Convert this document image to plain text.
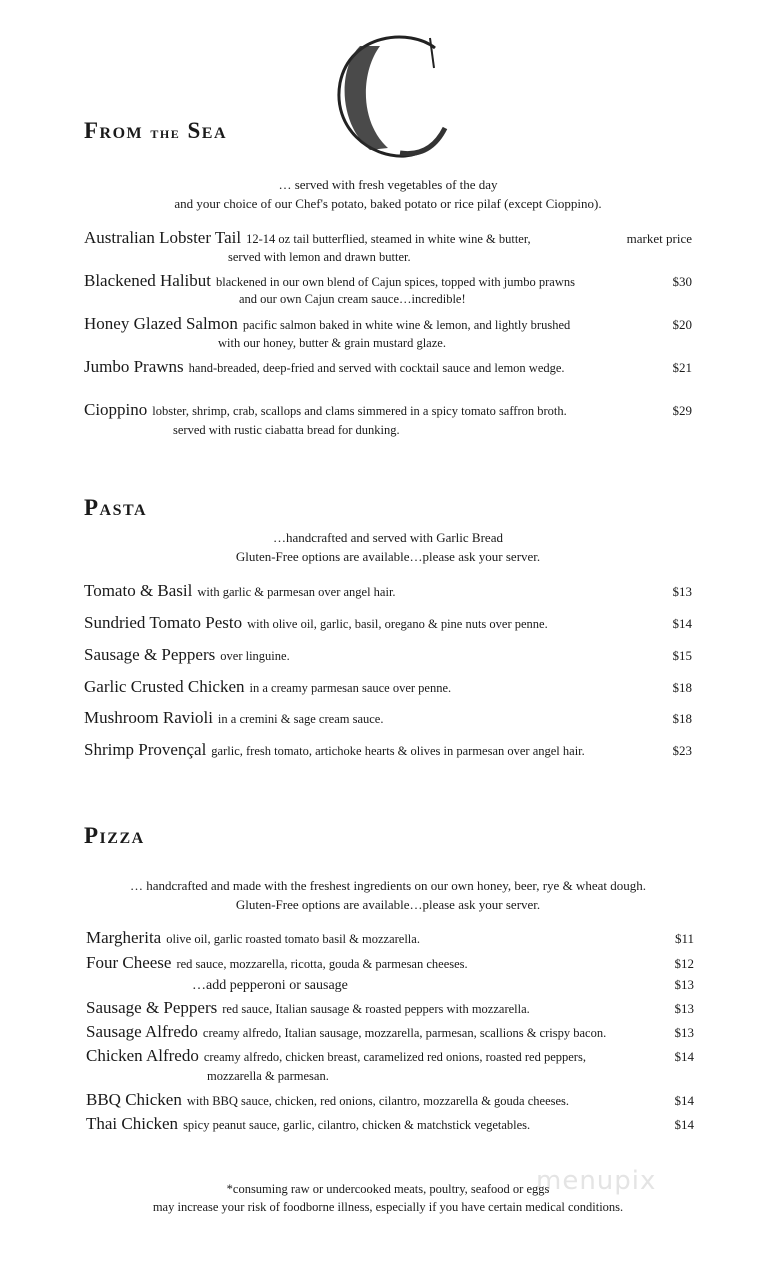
From the Sea
… served with fresh vegetables of the day
and your choice of our Chef's potato, baked potato or rice pilaf (except Cioppino).
Pasta
…handcrafted and served with Garlic Bread
Gluten-Free options are available…please ask your server.
Pizza
… handcrafted and made with the freshest ingredients on our own honey, beer, rye & wheat dough.
Gluten-Free options are available…please ask your server.
Australian Lobster Tail 12-14 oz tail butterflied, steamed in white wine & butter,	market price
served with lemon and drawn butter.
Blackened Halibut blackened in our own blend of Cajun spices, topped with jumbo prawns	$30
and our own Cajun cream sauce…incredible!
Honey Glazed Salmon pacific salmon baked in white wine & lemon, and lightly brushed	$20
with our honey, butter & grain mustard glaze.
Jumbo Prawns hand-breaded, deep-fried and served with cocktail sauce and lemon wedge.	$21
Cioppino lobster, shrimp, crab, scallops and clams simmered in a spicy tomato saffron broth.	$29
served with rustic ciabatta bread for dunking.
Tomato & Basil with garlic & parmesan over angel hair.	$13
Sundried Tomato Pesto with olive oil, garlic, basil, oregano & pine nuts over penne.	$14
Sausage & Peppers over linguine.	$15
Garlic Crusted Chicken in a creamy parmesan sauce over penne.	$18
Mushroom Ravioli in a cremini & sage cream sauce.	$18
Shrimp Provençal garlic, fresh tomato, artichoke hearts & olives in parmesan over angel hair.	$23
Margherita olive oil, garlic roasted tomato basil & mozzarella.	$11
Four Cheese red sauce, mozzarella, ricotta, gouda & parmesan cheeses.	$12
…add pepperoni or sausage	$13
Sausage & Peppers red sauce, Italian sausage & roasted peppers with mozzarella.	$13
Sausage Alfredo creamy alfredo, Italian sausage, mozzarella, parmesan, scallions & crispy bacon.	$13
Chicken Alfredo creamy alfredo, chicken breast, caramelized red onions, roasted red peppers,	$14
mozzarella & parmesan.
BBQ Chicken with BBQ sauce, chicken, red onions, cilantro, mozzarella & gouda cheeses.	$14
Thai Chicken spicy peanut sauce, garlic, cilantro, chicken & matchstick vegetables.	$14
menupix
*consuming raw or undercooked meats, poultry, seafood or eggs
may increase your risk of foodborne illness, especially if you have certain medical conditions.
